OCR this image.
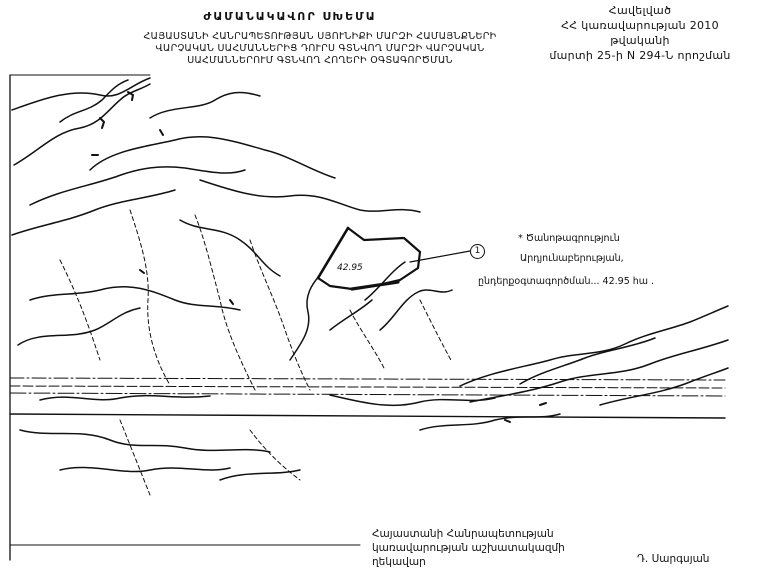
ԺԱՄԱՆԱԿԱՎՈՐ ՍԽԵՄԱ
ՀԱՅԱՍՏԱՆԻ ՀԱՆՐԱՊԵՏՈՒԹՅԱՆ ՍՅՈՒՆԻՔԻ ՄԱՐԶԻ ՀԱՄԱՅՆՔՆԵՐԻ
ՎԱՐՉԱԿԱՆ ՍԱՀՄԱՆՆԵՐԻՑ ԴՈՒՐՍ ԳՏՆՎՈՂ ՄԱՐԶԻ ՎԱՐՉԱԿԱՆ
ՍԱՀՄԱՆՆԵՐՈՒՄ ԳՏՆՎՈՂ ՀՈՂԵՐԻ ՕԳՏԱԳՈՐԾՄԱՆ
Հավելված
ՀՀ կառավարության 2010 թվականի
մարտի 25-ի N 294-Ն որոշման
42.95
1
* Ծանոթագրություն
Արդյունաբերության,
ընդերքօգտագործման... 42.95 հա .
Հայաստանի Հանրապետության
կառավարության աշխատակազմի
ղեկավար	Դ. Սարգսյան
